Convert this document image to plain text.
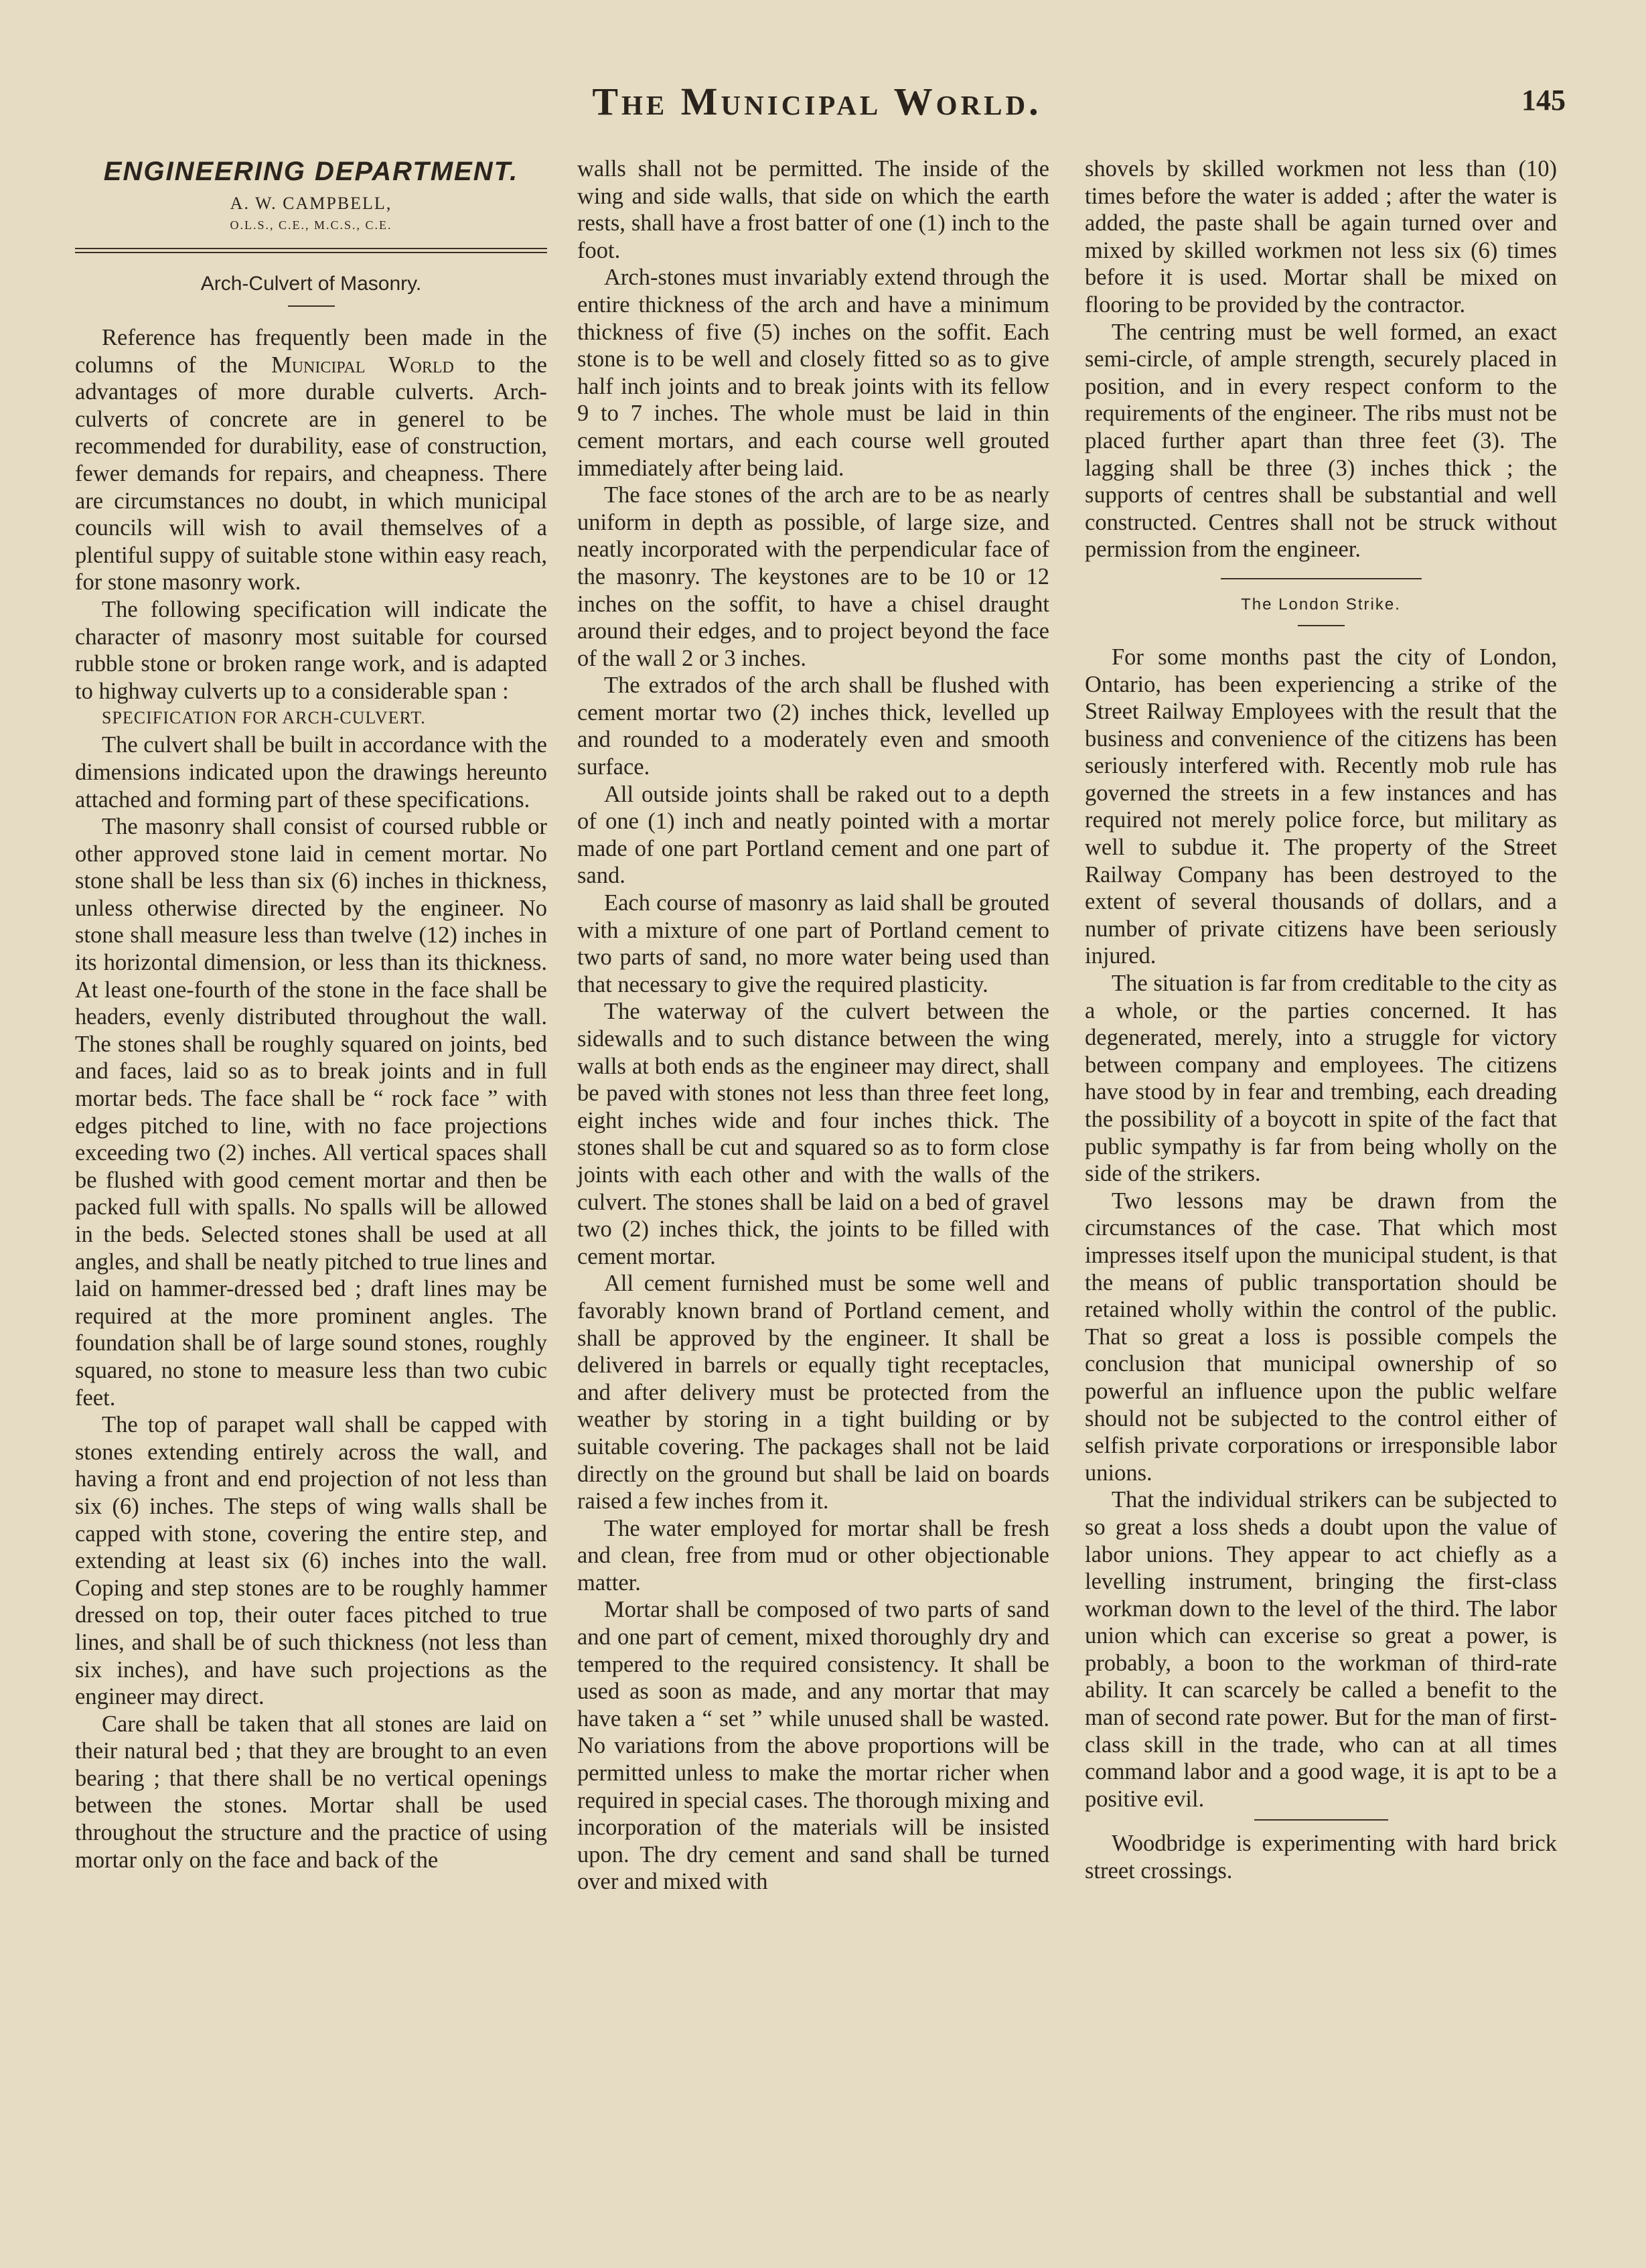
The Municipal World.	145
ENGINEERING DEPARTMENT.
A. W. CAMPBELL,
O.L.S., C.E., M.C.S., C.E.
Arch-Culvert of Masonry.

Reference has frequently been made in the columns of the Municipal World to the advantages of more durable culverts. Arch-culverts of concrete are in generel to be recommended for durability, ease of construction, fewer demands for repairs, and cheapness. There are circumstances no doubt, in which municipal councils will wish to avail themselves of a plentiful suppy of suitable stone within easy reach, for stone masonry work.

The following specification will indicate the character of masonry most suitable for coursed rubble stone or broken range work, and is adapted to highway culverts up to a considerable span :

SPECIFICATION FOR ARCH-CULVERT.

The culvert shall be built in accordance with the dimensions indicated upon the drawings hereunto attached and forming part of these specifications.

The masonry shall consist of coursed rubble or other approved stone laid in cement mortar. No stone shall be less than six (6) inches in thickness, unless otherwise directed by the engineer. No stone shall measure less than twelve (12) inches in its horizontal dimension, or less than its thickness. At least one-fourth of the stone in the face shall be headers, evenly distributed throughout the wall. The stones shall be roughly squared on joints, bed and faces, laid so as to break joints and in full mortar beds. The face shall be “ rock face ” with edges pitched to line, with no face projections exceeding two (2) inches. All vertical spaces shall be flushed with good cement mortar and then be packed full with spalls. No spalls will be allowed in the beds. Selected stones shall be used at all angles, and shall be neatly pitched to true lines and laid on hammer-dressed bed ; draft lines may be required at the more prominent angles. The foundation shall be of large sound stones, roughly squared, no stone to measure less than two cubic feet.

The top of parapet wall shall be capped with stones extending entirely across the wall, and having a front and end projection of not less than six (6) inches. The steps of wing walls shall be capped with stone, covering the entire step, and extending at least six (6) inches into the wall. Coping and step stones are to be roughly hammer dressed on top, their outer faces pitched to true lines, and shall be of such thickness (not less than six inches), and have such projections as the engineer may direct.

Care shall be taken that all stones are laid on their natural bed ; that they are brought to an even bearing ; that there shall be no vertical openings between the stones. Mortar shall be used throughout the structure and the practice of using mortar only on the face and back of the

walls shall not be permitted. The inside of the wing and side walls, that side on which the earth rests, shall have a frost batter of one (1) inch to the foot.

Arch-stones must invariably extend through the entire thickness of the arch and have a minimum thickness of five (5) inches on the soffit. Each stone is to be well and closely fitted so as to give half inch joints and to break joints with its fellow 9 to 7 inches. The whole must be laid in thin cement mortars, and each course well grouted immediately after being laid.

The face stones of the arch are to be as nearly uniform in depth as possible, of large size, and neatly incorporated with the perpendicular face of the masonry. The keystones are to be 10 or 12 inches on the soffit, to have a chisel draught around their edges, and to project beyond the face of the wall 2 or 3 inches.

The extrados of the arch shall be flushed with cement mortar two (2) inches thick, levelled up and rounded to a moderately even and smooth surface.

All outside joints shall be raked out to a depth of one (1) inch and neatly pointed with a mortar made of one part Portland cement and one part of sand.

Each course of masonry as laid shall be grouted with a mixture of one part of Portland cement to two parts of sand, no more water being used than that necessary to give the required plasticity.

The waterway of the culvert between the sidewalls and to such distance between the wing walls at both ends as the engineer may direct, shall be paved with stones not less than three feet long, eight inches wide and four inches thick. The stones shall be cut and squared so as to form close joints with each other and with the walls of the culvert. The stones shall be laid on a bed of gravel two (2) inches thick, the joints to be filled with cement mortar.

All cement furnished must be some well and favorably known brand of Portland cement, and shall be approved by the engineer. It shall be delivered in barrels or equally tight receptacles, and after delivery must be protected from the weather by storing in a tight building or by suitable covering. The packages shall not be laid directly on the ground but shall be laid on boards raised a few inches from it.

The water employed for mortar shall be fresh and clean, free from mud or other objectionable matter.

Mortar shall be composed of two parts of sand and one part of cement, mixed thoroughly dry and tempered to the required consistency. It shall be used as soon as made, and any mortar that may have taken a “ set ” while unused shall be wasted. No variations from the above proportions will be permitted unless to make the mortar richer when required in special cases. The thorough mixing and incorporation of the materials will be insisted upon. The dry cement and sand shall be turned over and mixed with

shovels by skilled workmen not less than (10) times before the water is added ; after the water is added, the paste shall be again turned over and mixed by skilled workmen not less six (6) times before it is used. Mortar shall be mixed on flooring to be provided by the contractor.

The centring must be well formed, an exact semi-circle, of ample strength, securely placed in position, and in every respect conform to the requirements of the engineer. The ribs must not be placed further apart than three feet (3). The lagging shall be three (3) inches thick ; the supports of centres shall be substantial and well constructed. Centres shall not be struck without permission from the engineer.

The London Strike.

For some months past the city of London, Ontario, has been experiencing a strike of the Street Railway Employees with the result that the business and convenience of the citizens has been seriously interfered with. Recently mob rule has governed the streets in a few instances and has required not merely police force, but military as well to subdue it. The property of the Street Railway Company has been destroyed to the extent of several thousands of dollars, and a number of private citizens have been seriously injured.

The situation is far from creditable to the city as a whole, or the parties concerned. It has degenerated, merely, into a struggle for victory between company and employees. The citizens have stood by in fear and trembing, each dreading the possibility of a boycott in spite of the fact that public sympathy is far from being wholly on the side of the strikers.

Two lessons may be drawn from the circumstances of the case. That which most impresses itself upon the municipal student, is that the means of public transportation should be retained wholly within the control of the public. That so great a loss is possible compels the conclusion that municipal ownership of so powerful an influence upon the public welfare should not be subjected to the control either of selfish private corporations or irresponsible labor unions.

That the individual strikers can be subjected to so great a loss sheds a doubt upon the value of labor unions. They appear to act chiefly as a levelling instrument, bringing the first-class workman down to the level of the third. The labor union which can excerise so great a power, is probably, a boon to the workman of third-rate ability. It can scarcely be called a benefit to the man of second rate power. But for the man of first-class skill in the trade, who can at all times command labor and a good wage, it is apt to be a positive evil.

Woodbridge is experimenting with hard brick street crossings.
